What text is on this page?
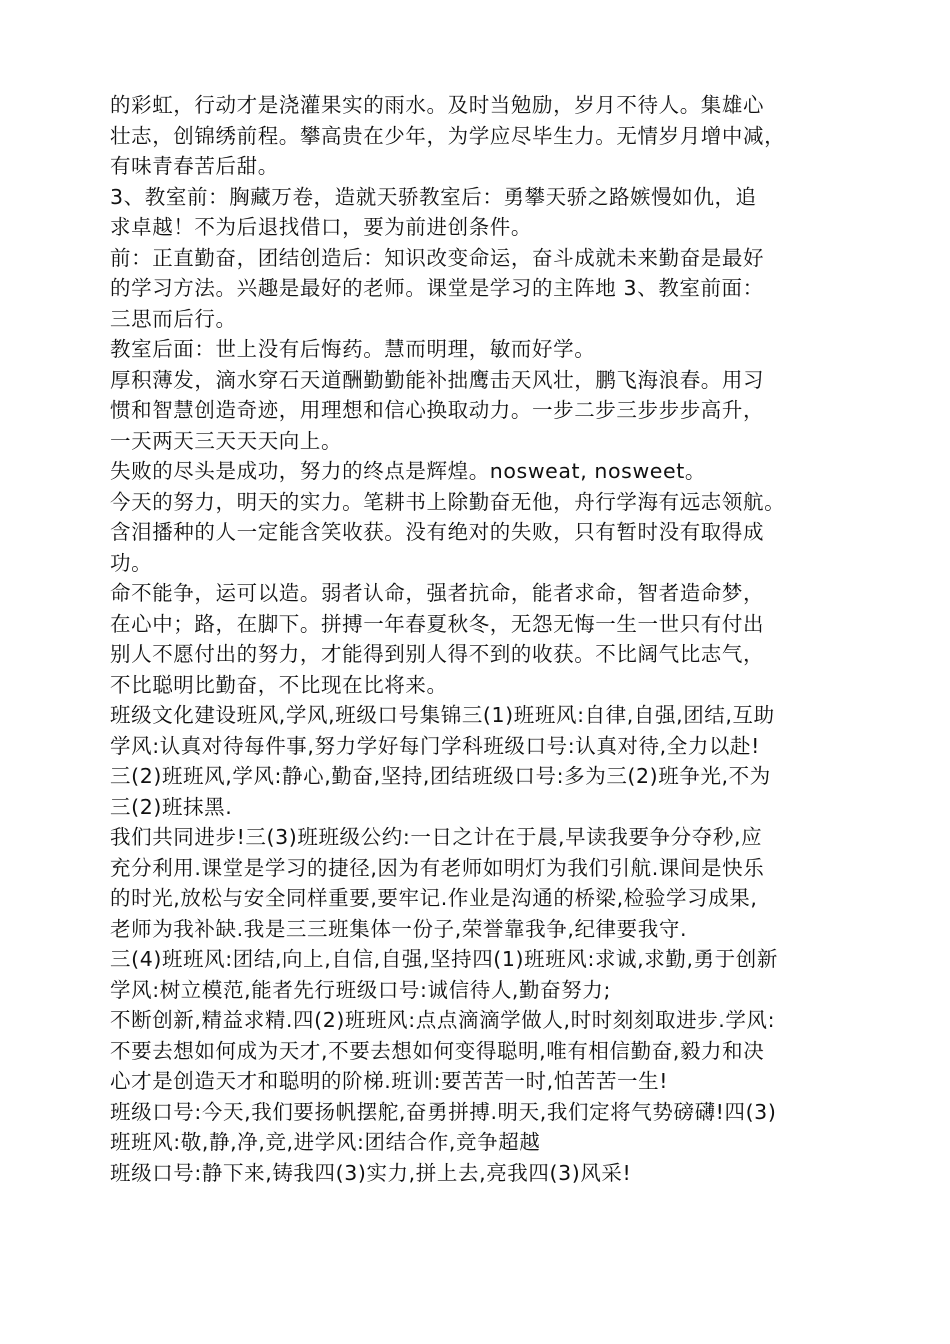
的彩虹，行动才是浇灌果实的雨水。及时当勉励，岁月不待人。集雄心
壮志，创锦绣前程。攀高贵在少年，为学应尽毕生力。无情岁月增中减，
有味青春苦后甜。
3、教室前：胸藏万卷，造就天骄教室后：勇攀天骄之路嫉慢如仇，追
求卓越！不为后退找借口，要为前进创条件。
前：正直勤奋，团结创造后：知识改变命运，奋斗成就未来勤奋是最好
的学习方法。兴趣是最好的老师。课堂是学习的主阵地 3、教室前面：
三思而后行。
教室后面：世上没有后悔药。慧而明理，敏而好学。
厚积薄发，滴水穿石天道酬勤勤能补拙鹰击天风壮，鹏飞海浪春。用习
惯和智慧创造奇迹，用理想和信心换取动力。一步二步三步步步高升，
一天两天三天天天向上。
失败的尽头是成功，努力的终点是辉煌。nosweat, nosweet。
今天的努力，明天的实力。笔耕书上除勤奋无他，舟行学海有远志领航。
含泪播种的人一定能含笑收获。没有绝对的失败，只有暂时没有取得成
功。
命不能争，运可以造。弱者认命，强者抗命，能者求命，智者造命梦，
在心中；路，在脚下。拼搏一年春夏秋冬，无怨无悔一生一世只有付出
别人不愿付出的努力，才能得到别人得不到的收获。不比阔气比志气，
不比聪明比勤奋，不比现在比将来。
班级文化建设班风,学风,班级口号集锦三(1)班班风:自律,自强,团结,互助
学风:认真对待每件事,努力学好每门学科班级口号:认真对待,全力以赴!
三(2)班班风,学风:静心,勤奋,坚持,团结班级口号:多为三(2)班争光,不为
三(2)班抹黑.
我们共同进步!三(3)班班级公约:一日之计在于晨,早读我要争分夺秒,应
充分利用.课堂是学习的捷径,因为有老师如明灯为我们引航.课间是快乐
的时光,放松与安全同样重要,要牢记.作业是沟通的桥梁,检验学习成果,
老师为我补缺.我是三三班集体一份子,荣誉靠我争,纪律要我守.
三(4)班班风:团结,向上,自信,自强,坚持四(1)班班风:求诚,求勤,勇于创新
学风:树立模范,能者先行班级口号:诚信待人,勤奋努力;
不断创新,精益求精.四(2)班班风:点点滴滴学做人,时时刻刻取进步.学风:
不要去想如何成为天才,不要去想如何变得聪明,唯有相信勤奋,毅力和决
心才是创造天才和聪明的阶梯.班训:要苦苦一时,怕苦苦一生!
班级口号:今天,我们要扬帆摆舵,奋勇拼搏.明天,我们定将气势磅礴!四(3)
班班风:敬,静,净,竞,进学风:团结合作,竞争超越
班级口号:静下来,铸我四(3)实力,拼上去,亮我四(3)风采!
